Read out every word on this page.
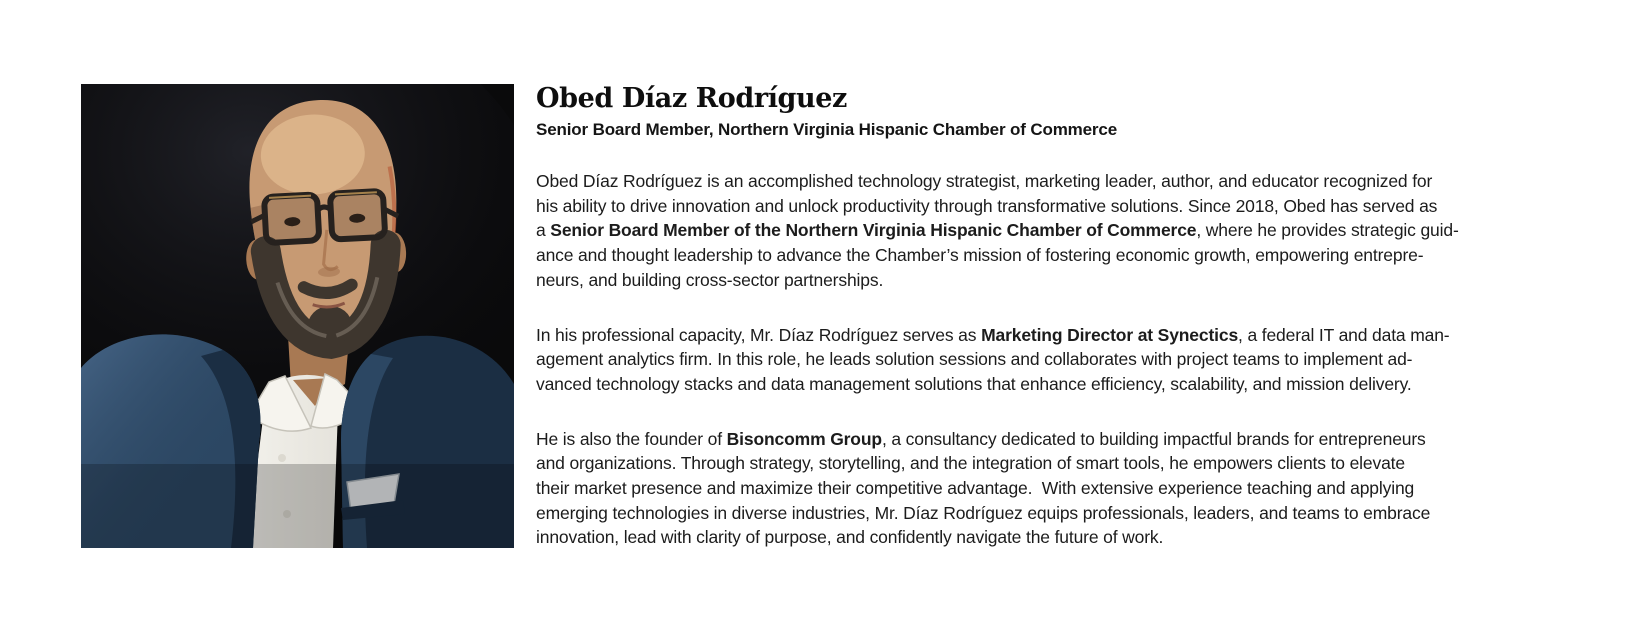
Obed Díaz Rodríguez
Senior Board Member, Northern Virginia Hispanic Chamber of Commerce
Obed Díaz Rodríguez is an accomplished technology strategist, marketing leader, author, and educator recognized for
his ability to drive innovation and unlock productivity through transformative solutions. Since 2018, Obed has served as
a Senior Board Member of the Northern Virginia Hispanic Chamber of Commerce, where he provides strategic guid-
ance and thought leadership to advance the Chamber’s mission of fostering economic growth, empowering entrepre-
neurs, and building cross-sector partnerships.
In his professional capacity, Mr. Díaz Rodríguez serves as Marketing Director at Synectics, a federal IT and data man-
agement analytics firm. In this role, he leads solution sessions and collaborates with project teams to implement ad-
vanced technology stacks and data management solutions that enhance efficiency, scalability, and mission delivery.
He is also the founder of Bisoncomm Group, a consultancy dedicated to building impactful brands for entrepreneurs
and organizations. Through strategy, storytelling, and the integration of smart tools, he empowers clients to elevate
their market presence and maximize their competitive advantage.  With extensive experience teaching and applying
emerging technologies in diverse industries, Mr. Díaz Rodríguez equips professionals, leaders, and teams to embrace
innovation, lead with clarity of purpose, and confidently navigate the future of work.
